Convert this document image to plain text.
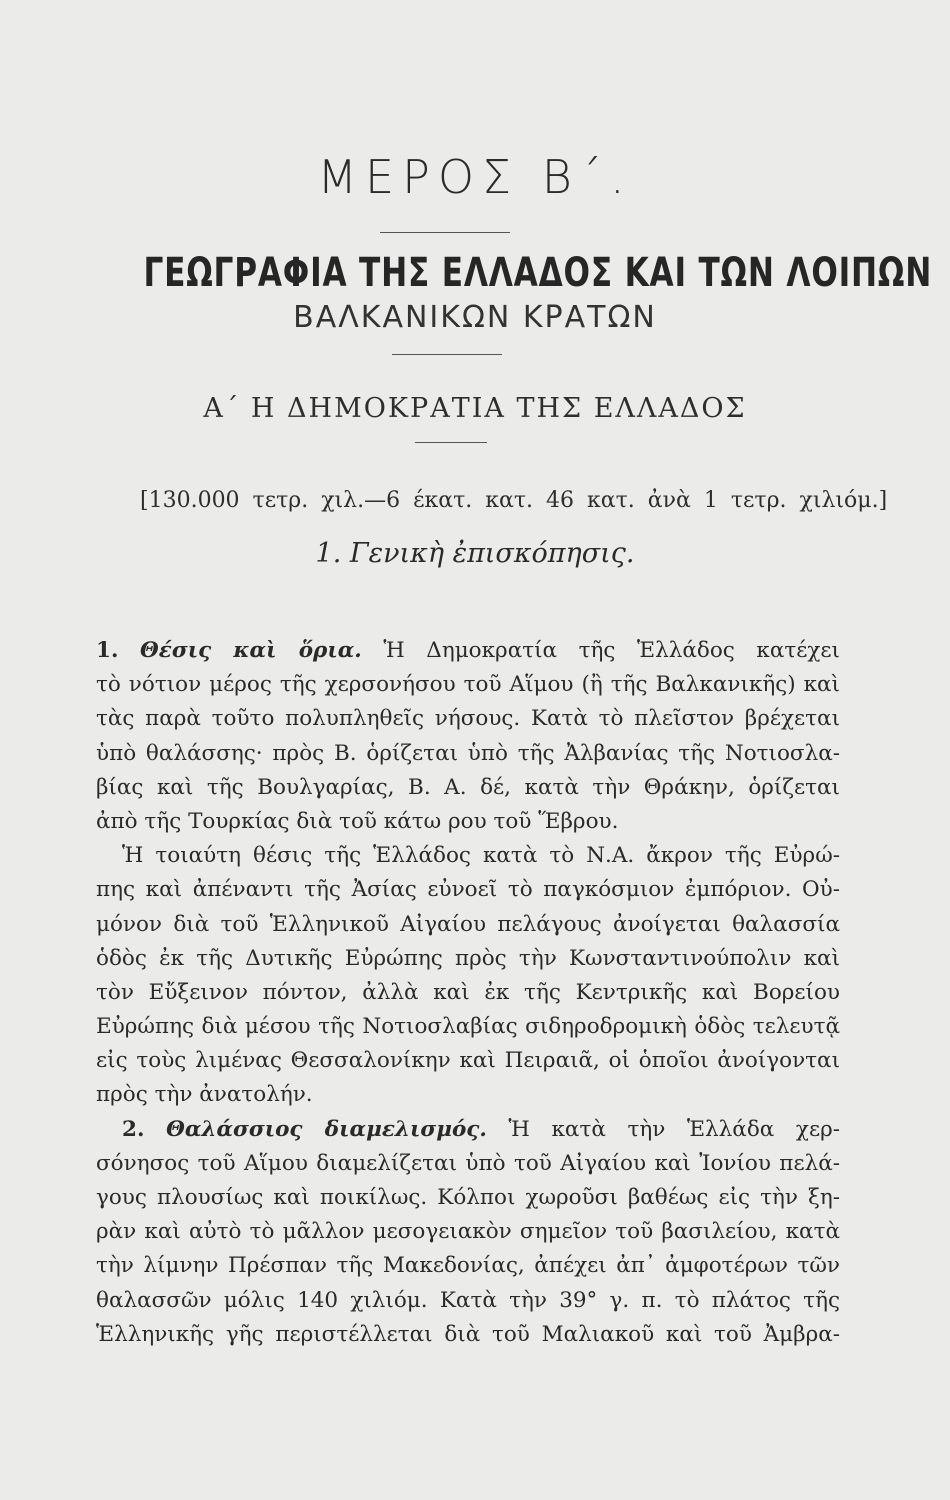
ΜΕΡΟΣ Β΄.
ΓΕΩΓΡΑΦΙΑ ΤΗΣ ΕΛΛΑΔΟΣ ΚΑΙ ΤΩΝ ΛΟΙΠΩΝ
ΒΑΛΚΑΝΙΚΩΝ ΚΡΑΤΩΝ
Α΄ Η ΔΗΜΟΚΡΑΤΙΑ ΤΗΣ ΕΛΛΑΔΟΣ
[130.000 τετρ. χιλ.—6 έκατ. κατ. 46 κατ. ἀνὰ 1 τετρ. χιλιόμ.]
1. Γενικὴ ἐπισκόπησις.
1. Θέσις καὶ ὅρια. Ἡ Δημοκρατία τῆς Ἑλλάδος κατέχει
τὸ νότιον μέρος τῆς χερσονήσου τοῦ Αἵμου (ἢ τῆς Βαλκανικῆς) καὶ
τὰς παρὰ τοῦτο πολυπληθεῖς νήσους. Κατὰ τὸ πλεῖστον βρέχεται
ὑπὸ θαλάσσης· πρὸς Β. ὁρίζεται ὑπὸ τῆς Ἀλβανίας τῆς Νοτιοσλα-
βίας καὶ τῆς Βουλγαρίας, Β. Α. δέ, κατὰ τὴν Θράκην, ὁρίζεται
ἀπὸ τῆς Τουρκίας διὰ τοῦ κάτω ρου τοῦ Ἕβρου.
Ἡ τοιαύτη θέσις τῆς Ἑλλάδος κατὰ τὸ Ν.Α. ἄκρον τῆς Εὐρώ-
πης καὶ ἀπέναντι τῆς Ἀσίας εὐνοεῖ τὸ παγκόσμιον ἐμπόριον. Οὐ-
μόνον διὰ τοῦ Ἑλληνικοῦ Αἰγαίου πελάγους ἀνοίγεται θαλασσία
ὁδὸς ἐκ τῆς Δυτικῆς Εὐρώπης πρὸς τὴν Κωνσταντινούπολιν καὶ
τὸν Εὔξεινον πόντον, ἀλλὰ καὶ ἐκ τῆς Κεντρικῆς καὶ Βορείου
Εὐρώπης διὰ μέσου τῆς Νοτιοσλαβίας σιδηροδρομικὴ ὁδὸς τελευτᾷ
εἰς τοὺς λιμένας Θεσσαλονίκην καὶ Πειραιᾶ, οἱ ὁποῖοι ἀνοίγονται
πρὸς τὴν ἀνατολήν.
2. Θαλάσσιος διαμελισμός. Ἡ κατὰ τὴν Ἑλλάδα χερ-
σόνησος τοῦ Αἵμου διαμελίζεται ὑπὸ τοῦ Αἰγαίου καὶ Ἰονίου πελά-
γους πλουσίως καὶ ποικίλως. Κόλποι χωροῦσι βαθέως εἰς τὴν ξη-
ρὰν καὶ αὐτὸ τὸ μᾶλλον μεσογειακὸν σημεῖον τοῦ βασιλείου, κατὰ
τὴν λίμνην Πρέσπαν τῆς Μακεδονίας, ἀπέχει ἀπ᾽ ἀμφοτέρων τῶν
θαλασσῶν μόλις 140 χιλιόμ. Κατὰ τὴν 39° γ. π. τὸ πλάτος τῆς
Ἑλληνικῆς γῆς περιστέλλεται διὰ τοῦ Μαλιακοῦ καὶ τοῦ Ἀμβρα-
